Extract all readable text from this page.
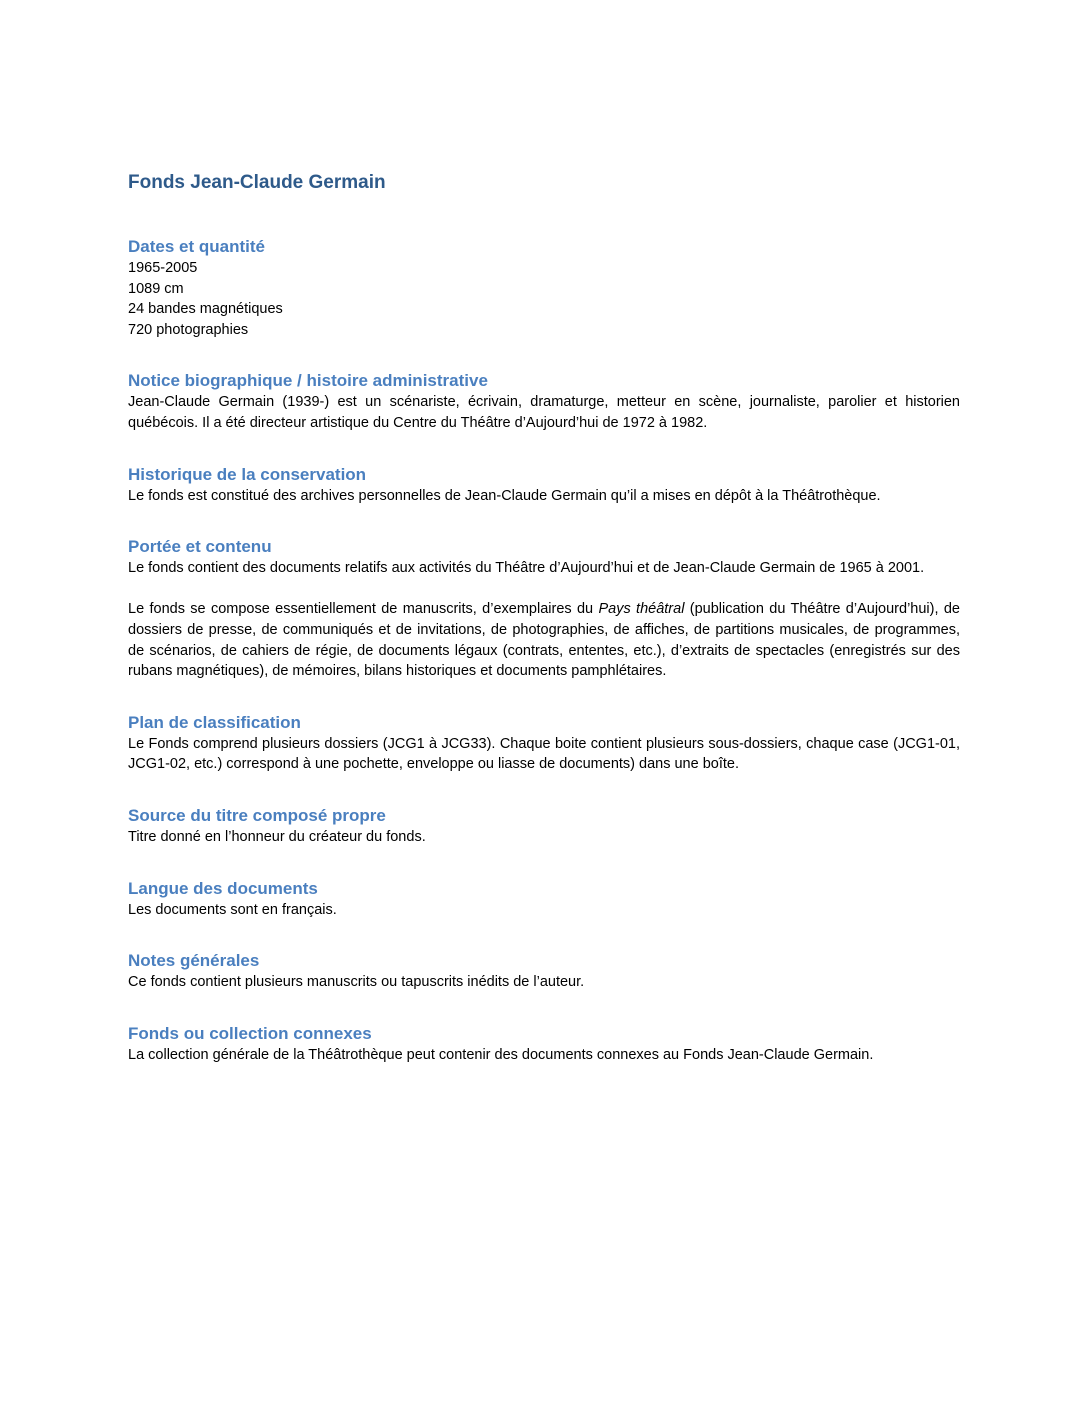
Fonds Jean-Claude Germain
Dates et quantité

1965-2005

1089 cm

24 bandes magnétiques

720 photographies

Notice biographique / histoire administrative

Jean-Claude Germain (1939-) est un scénariste, écrivain, dramaturge, metteur en scène, journaliste, parolier et historien québécois. Il a été directeur artistique du Centre du Théâtre d’Aujourd’hui de 1972 à 1982.

Historique de la conservation

Le fonds est constitué des archives personnelles de Jean-Claude Germain qu’il a mises en dépôt à la Théâtrothèque.

Portée et contenu

Le fonds contient des documents relatifs aux activités du Théâtre d’Aujourd’hui et de Jean-Claude Germain de 1965 à 2001.

Le fonds se compose essentiellement de manuscrits, d’exemplaires du Pays théâtral (publication du Théâtre d’Aujourd’hui), de dossiers de presse, de communiqués et de invitations, de photographies, de affiches, de partitions musicales, de programmes, de scénarios, de cahiers de régie, de documents légaux (contrats, ententes, etc.), d’extraits de spectacles (enregistrés sur des rubans magnétiques), de mémoires, bilans historiques et documents pamphlétaires.

Plan de classification

Le Fonds comprend plusieurs dossiers (JCG1 à JCG33). Chaque boite contient plusieurs sous-dossiers, chaque case (JCG1-01, JCG1-02, etc.) correspond à une pochette, enveloppe ou liasse de documents) dans une boîte.

Source du titre composé propre

Titre donné en l’honneur du créateur du fonds.

Langue des documents

Les documents sont en français.

Notes générales

Ce fonds contient plusieurs manuscrits ou tapuscrits inédits de l’auteur.

Fonds ou collection connexes

La collection générale de la Théâtrothèque peut contenir des documents connexes au Fonds Jean-Claude Germain.
